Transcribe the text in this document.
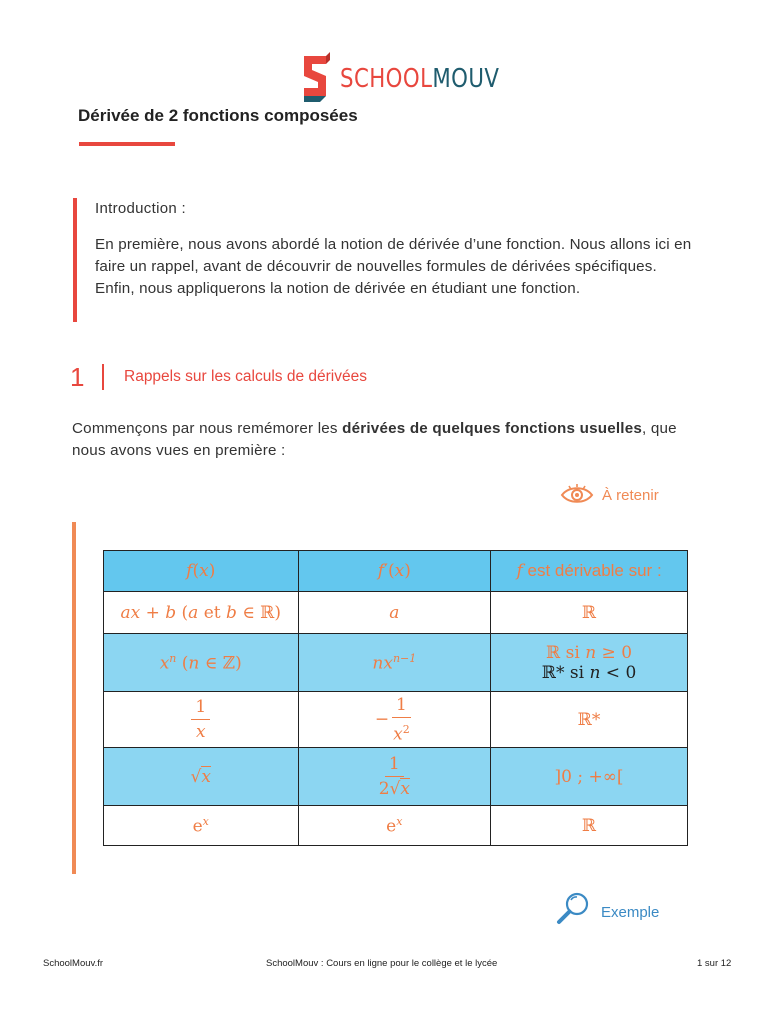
SCHOOLMOUV
Dérivée de 2 fonctions composées
Introduction :
En première, nous avons abordé la notion de dérivée d’une fonction. Nous allons ici en faire un rappel, avant de découvrir de nouvelles formules de dérivées spécifiques. Enfin, nous appliquerons la notion de dérivée en étudiant une fonction.
1	Rappels sur les calculs de dérivées
Commençons par nous remémorer les dérivées de quelques fonctions usuelles, que nous avons vues en première :
À retenir
f(x)	f′(x)	f est dérivable sur :
ax + b (a et b ∈ ℝ)	a	ℝ
$x^n$ (n ∈ ℤ)	$nx^{n-1}$	ℝ si n ≥ 0
ℝ* si n < 0

$\frac{1}{x}$	− $\frac{1}{x^2}$	ℝ*
√x	$\frac{1}{2√x}$	]0 ; +∞[
$e^x$	$e^x$	ℝ
Exemple
SchoolMouv.fr	SchoolMouv : Cours en ligne pour le collège et le lycée	1 sur 12
